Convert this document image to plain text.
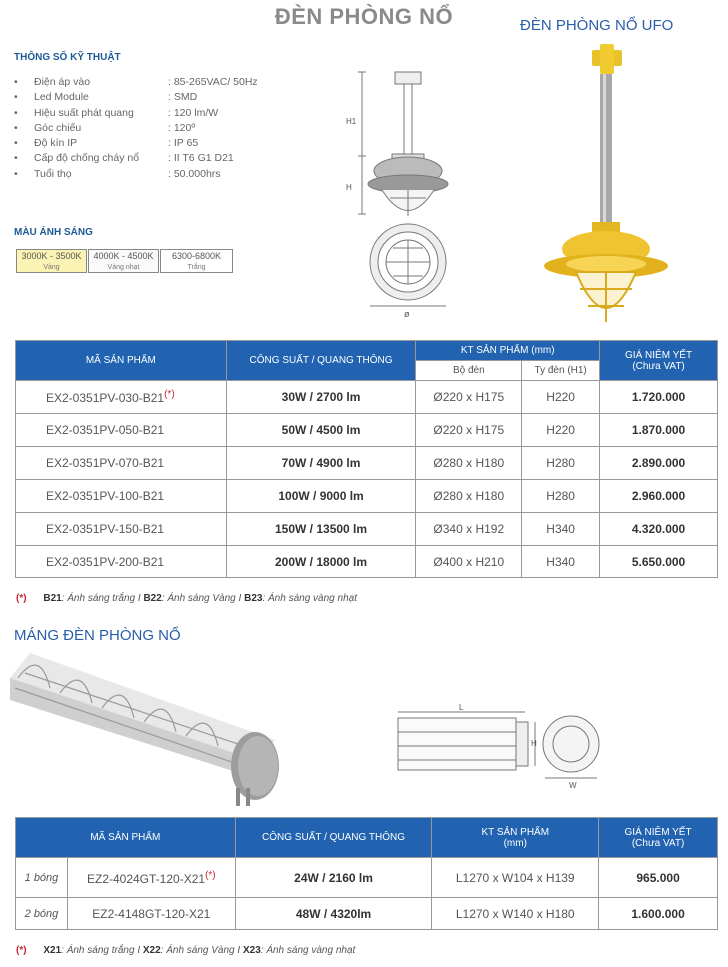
ĐÈN PHÒNG NỔ	ĐÈN PHÒNG NỔ UFO
THÔNG SỐ KỸ THUẬT
• Điện áp vào	: 85-265VAC/ 50Hz
• Led Module	: SMD
• Hiệu suất phát quang	: 120 lm/W
• Góc chiếu	: 120º
• Độ kín IP	: IP 65
• Cấp độ chống cháy nổ	: II T6 G1 D21
• Tuổi thọ	: 50.000hrs
MÀU ÁNH SÁNG
3000K - 3500K
Vàng
4000K - 4500K
Vàng nhạt
6300-6800K
Trắng
H1
H
ø
MÃ SẢN PHẨM	CÔNG SUẤT / QUANG THÔNG	KT SẢN PHẨM (mm)		GIÁ NIÊM YẾT
(Chưa VAT)
		Bộ đèn	Ty đèn (H1)	
EX2-0351PV-030-B21(*)	30W / 2700 lm	Ø220 x H175	H220	1.720.000
EX2-0351PV-050-B21	50W / 4500 lm	Ø220 x H175	H220	1.870.000
EX2-0351PV-070-B21	70W / 4900 lm	Ø280 x H180	H280	2.890.000
EX2-0351PV-100-B21	100W / 9000 lm	Ø280 x H180	H280	2.960.000
EX2-0351PV-150-B21	150W / 13500 lm	Ø340 x H192	H340	4.320.000
EX2-0351PV-200-B21	200W / 18000 lm	Ø400 x H210	H340	5.650.000
(*) B21: Ánh sáng trắng I B22: Ánh sáng Vàng I B23: Ánh sáng vàng nhạt
MÁNG ĐÈN PHÒNG NỔ
L
H
W
MÃ SẢN PHẨM		CÔNG SUẤT / QUANG THÔNG	KT SẢN PHẨM
(mm)	GIÁ NIÊM YẾT
(Chưa VAT)
1 bóng	EZ2-4024GT-120-X21(*)	24W / 2160 lm	L1270 x W104 x H139	965.000
2 bóng	EZ2-4148GT-120-X21	48W / 4320lm	L1270 x W140 x H180	1.600.000
(*) X21: Ánh sáng trắng I X22: Ánh sáng Vàng I X23: Ánh sáng vàng nhạt
